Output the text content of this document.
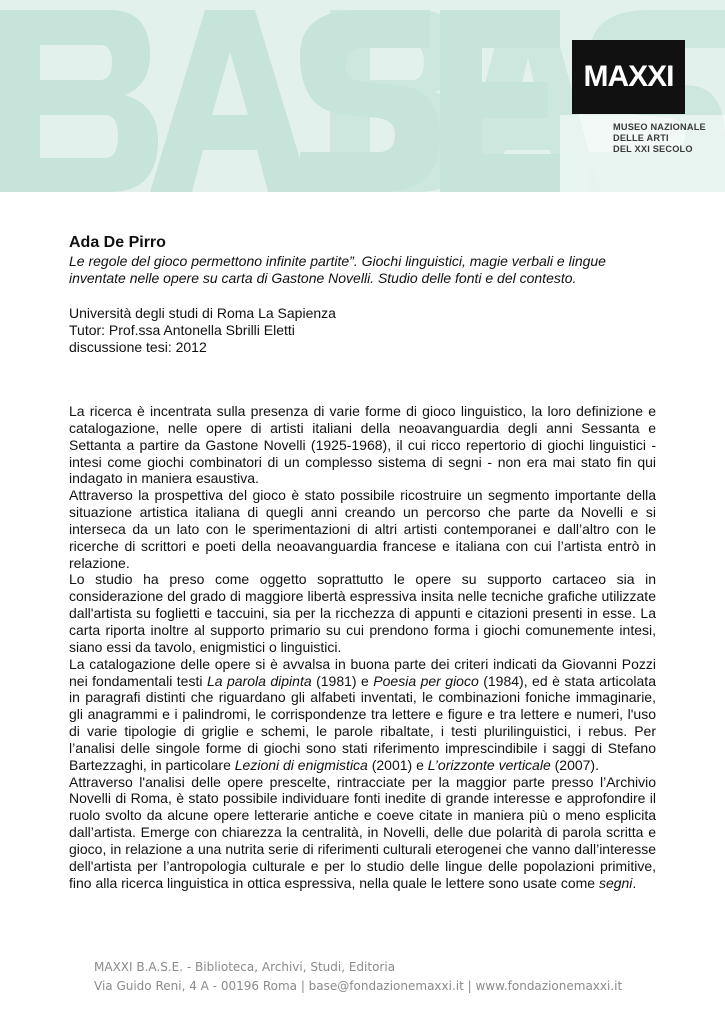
MAXXI
MUSEO NAZIONALE
DELLE ARTI
DEL XXI SECOLO
Ada De Pirro
Le regole del gioco permettono infinite partite”. Giochi linguistici, magie verbali e lingue
inventate nelle opere su carta di Gastone Novelli. Studio delle fonti e del contesto.
Università degli studi di Roma La Sapienza
Tutor: Prof.ssa Antonella Sbrilli Eletti
discussione tesi: 2012

La ricerca è incentrata sulla presenza di varie forme di gioco linguistico, la loro definizione e catalogazione, nelle opere di artisti italiani della neoavanguardia degli anni Sessanta e Settanta a partire da Gastone Novelli (1925-1968), il cui ricco repertorio di giochi linguistici - intesi come giochi combinatori di un complesso sistema di segni - non era mai stato fin qui indagato in maniera esaustiva.

Attraverso la prospettiva del gioco è stato possibile ricostruire un segmento importante della situazione artistica italiana di quegli anni creando un percorso che parte da Novelli e si interseca da un lato con le sperimentazioni di altri artisti contemporanei e dall’altro con le ricerche di scrittori e poeti della neoavanguardia francese e italiana con cui l’artista entrò in relazione.

Lo studio ha preso come oggetto soprattutto le opere su supporto cartaceo sia in considerazione del grado di maggiore libertà espressiva insita nelle tecniche grafiche utilizzate dall'artista su foglietti e taccuini, sia per la ricchezza di appunti e citazioni presenti in esse. La carta riporta inoltre al supporto primario su cui prendono forma i giochi comunemente intesi, siano essi da tavolo, enigmistici o linguistici.

La catalogazione delle opere si è avvalsa in buona parte dei criteri indicati da Giovanni Pozzi nei fondamentali testi La parola dipinta (1981) e Poesia per gioco (1984), ed è stata articolata in paragrafi distinti che riguardano gli alfabeti inventati, le combinazioni foniche immaginarie, gli anagrammi e i palindromi, le corrispondenze tra lettere e figure e tra lettere e numeri, l'uso di varie tipologie di griglie e schemi, le parole ribaltate, i testi plurilinguistici, i rebus. Per l’analisi delle singole forme di giochi sono stati riferimento imprescindibile i saggi di Stefano Bartezzaghi, in particolare Lezioni di enigmistica (2001) e L’orizzonte verticale (2007).

Attraverso l'analisi delle opere prescelte, rintracciate per la maggior parte presso l’Archivio Novelli di Roma, è stato possibile individuare fonti inedite di grande interesse e approfondire il ruolo svolto da alcune opere letterarie antiche e coeve citate in maniera più o meno esplicita dall’artista. Emerge con chiarezza la centralità, in Novelli, delle due polarità di parola scritta e gioco, in relazione a una nutrita serie di riferimenti culturali eterogenei che vanno dall’interesse dell'artista per l’antropologia culturale e per lo studio delle lingue delle popolazioni primitive, fino alla ricerca linguistica in ottica espressiva, nella quale le lettere sono usate come segni.

MAXXI B.A.S.E. - Biblioteca, Archivi, Studi, Editoria
Via Guido Reni, 4 A - 00196 Roma | base@fondazionemaxxi.it | www.fondazionemaxxi.it
